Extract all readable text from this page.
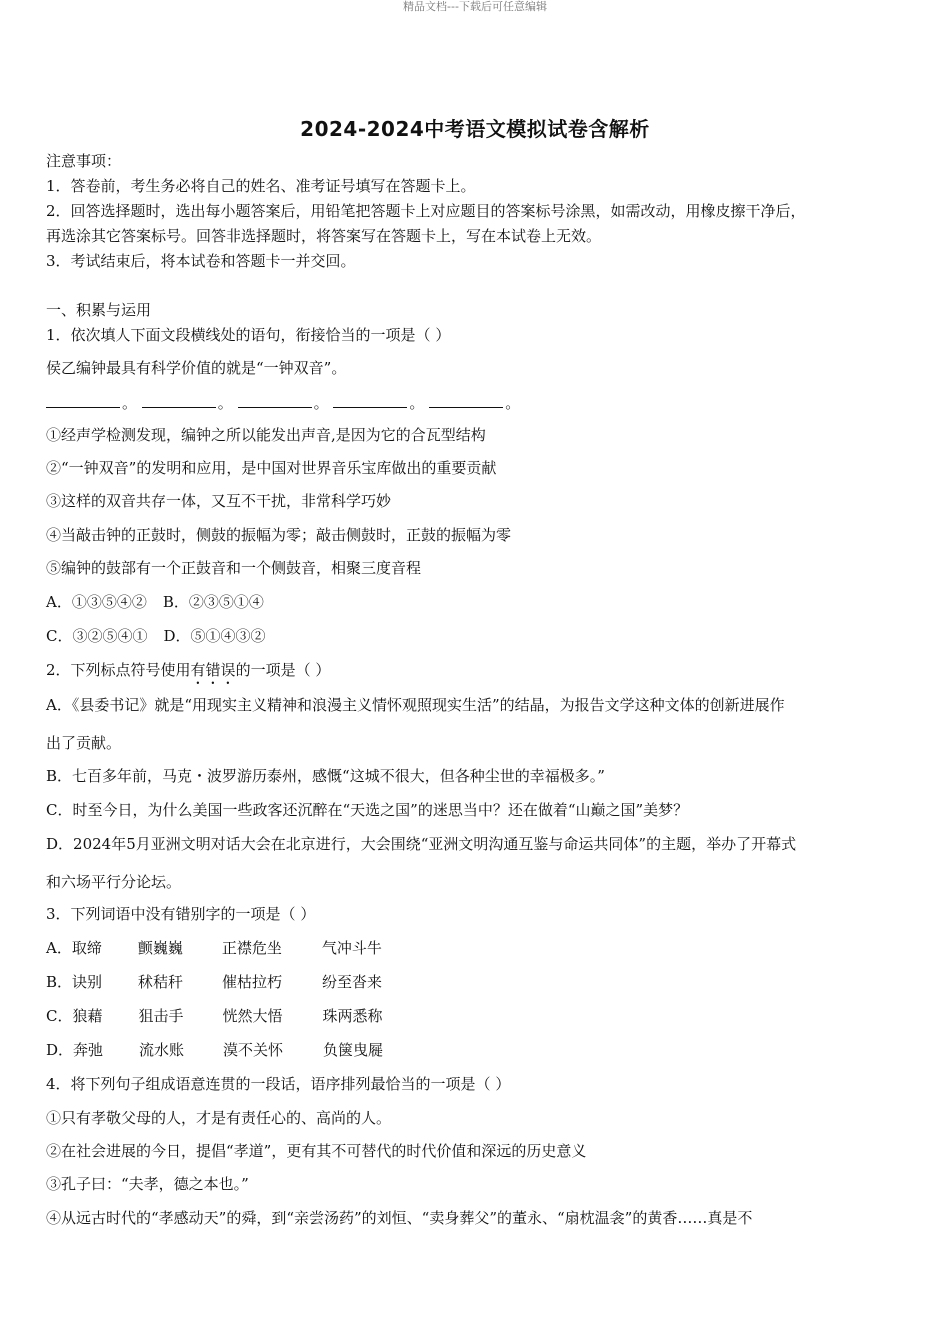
精品文档---下载后可任意编辑
2024-2024中考语文模拟试卷含解析
注意事项：
1．答卷前，考生务必将自己的姓名、准考证号填写在答题卡上。
2．回答选择题时，选出每小题答案后，用铅笔把答题卡上对应题目的答案标号涂黑，如需改动，用橡皮擦干净后，
再选涂其它答案标号。回答非选择题时，将答案写在答题卡上，写在本试卷上无效。
3．考试结束后，将本试卷和答题卡一并交回。
一、积累与运用
1．依次填人下面文段横线处的语句，衔接恰当的一项是（ ）
侯乙编钟最具有科学价值的就是“一钟双音”。
。	。	。	。	。
①经声学检测发现，编钟之所以能发出声音,是因为它的合瓦型结构
②“一钟双音”的发明和应用，是中国对世界音乐宝库做出的重要贡献
③这样的双音共存一体，又互不干扰，非常科学巧妙
④当敲击钟的正鼓时，侧鼓的振幅为零；敲击侧鼓时，正鼓的振幅为零
⑤编钟的鼓部有一个正鼓音和一个侧鼓音，相聚三度音程
A．①③⑤④② B．②③⑤①④
C．③②⑤④① D．⑤①④③②
2．下列标点符号使用有错误的一项是（ ）
A．《县委书记》就是“用现实主义精神和浪漫主义情怀观照现实生活”的结晶，为报告文学这种文体的创新进展作
出了贡献。
B．七百多年前，马克・波罗游历泰州，感慨“这城不很大，但各种尘世的幸福极多。”
C．时至今日，为什么美国一些政客还沉醉在“天选之国”的迷思当中？还在做着“山巅之国”美梦？
D．2024年5月亚洲文明对话大会在北京进行，大会围绕“亚洲文明沟通互鉴与命运共同体”的主题，举办了开幕式
和六场平行分论坛。
3．下列词语中没有错别字的一项是（ ）
A．取缔 颤巍巍	正襟危坐	气冲斗牛
B．诀别 秫秸秆	催枯拉朽	纷至沓来
C．狼藉 狙击手	恍然大悟	珠两悉称
D．奔弛 流水账	漠不关怀	负箧曳屣
4．将下列句子组成语意连贯的一段话，语序排列最恰当的一项是（ ）
①只有孝敬父母的人，才是有责任心的、高尚的人。
②在社会进展的今日，提倡“孝道”，更有其不可替代的时代价值和深远的历史意义
③孔子曰：“夫孝，德之本也。”
④从远古时代的“孝感动天”的舜，到“亲尝汤药”的刘恒、“卖身葬父”的董永、“扇枕温衾”的黄香……真是不
